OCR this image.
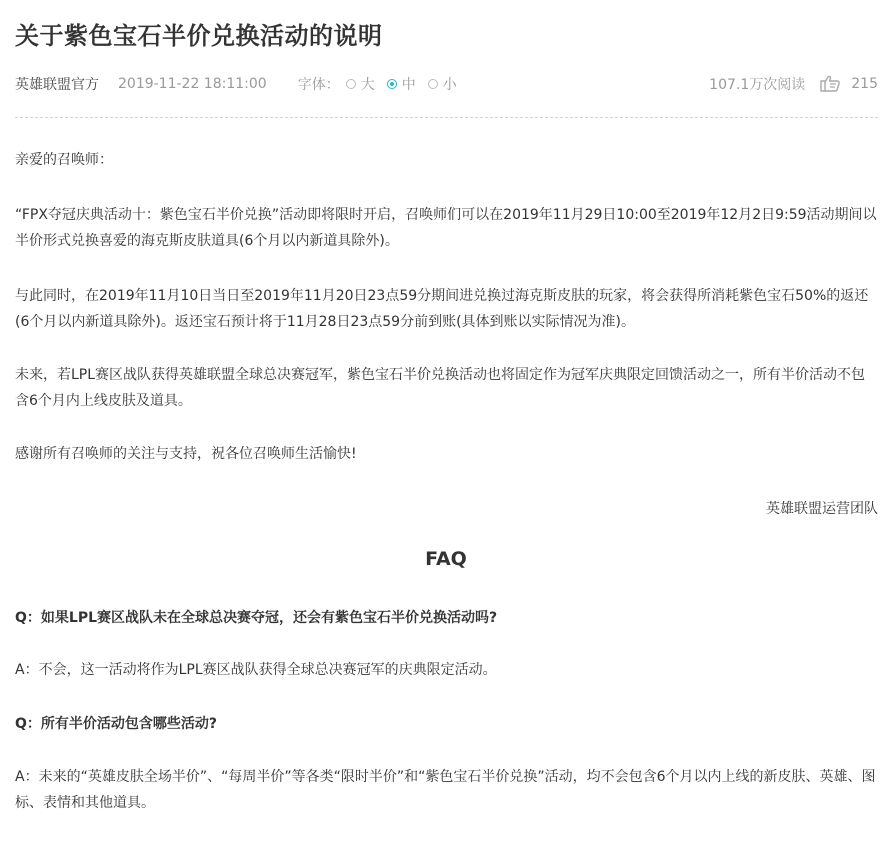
关于紫色宝石半价兑换活动的说明
英雄联盟官方 2019-11-22 18:11:00 字体： 大 中 小	107.1万次阅读	215
亲爱的召唤师：
“FPX夺冠庆典活动十：紫色宝石半价兑换”活动即将限时开启，召唤师们可以在2019年11月29日10:00至2019年12月2日9:59活动期间以半价形式兑换喜爱的海克斯皮肤道具(6个月以内新道具除外)。
与此同时，在2019年11月10日当日至2019年11月20日23点59分期间进兑换过海克斯皮肤的玩家，将会获得所消耗紫色宝石50%的返还(6个月以内新道具除外)。返还宝石预计将于11月28日23点59分前到账(具体到账以实际情况为准)。
未来，若LPL赛区战队获得英雄联盟全球总决赛冠军，紫色宝石半价兑换活动也将固定作为冠军庆典限定回馈活动之一，所有半价活动不包含6个月内上线皮肤及道具。
感谢所有召唤师的关注与支持，祝各位召唤师生活愉快!
英雄联盟运营团队
FAQ
Q：如果LPL赛区战队未在全球总决赛夺冠，还会有紫色宝石半价兑换活动吗?
A：不会，这一活动将作为LPL赛区战队获得全球总决赛冠军的庆典限定活动。
Q：所有半价活动包含哪些活动?
A：未来的“英雄皮肤全场半价”、“每周半价”等各类“限时半价”和“紫色宝石半价兑换”活动，均不会包含6个月以内上线的新皮肤、英雄、图标、表情和其他道具。
